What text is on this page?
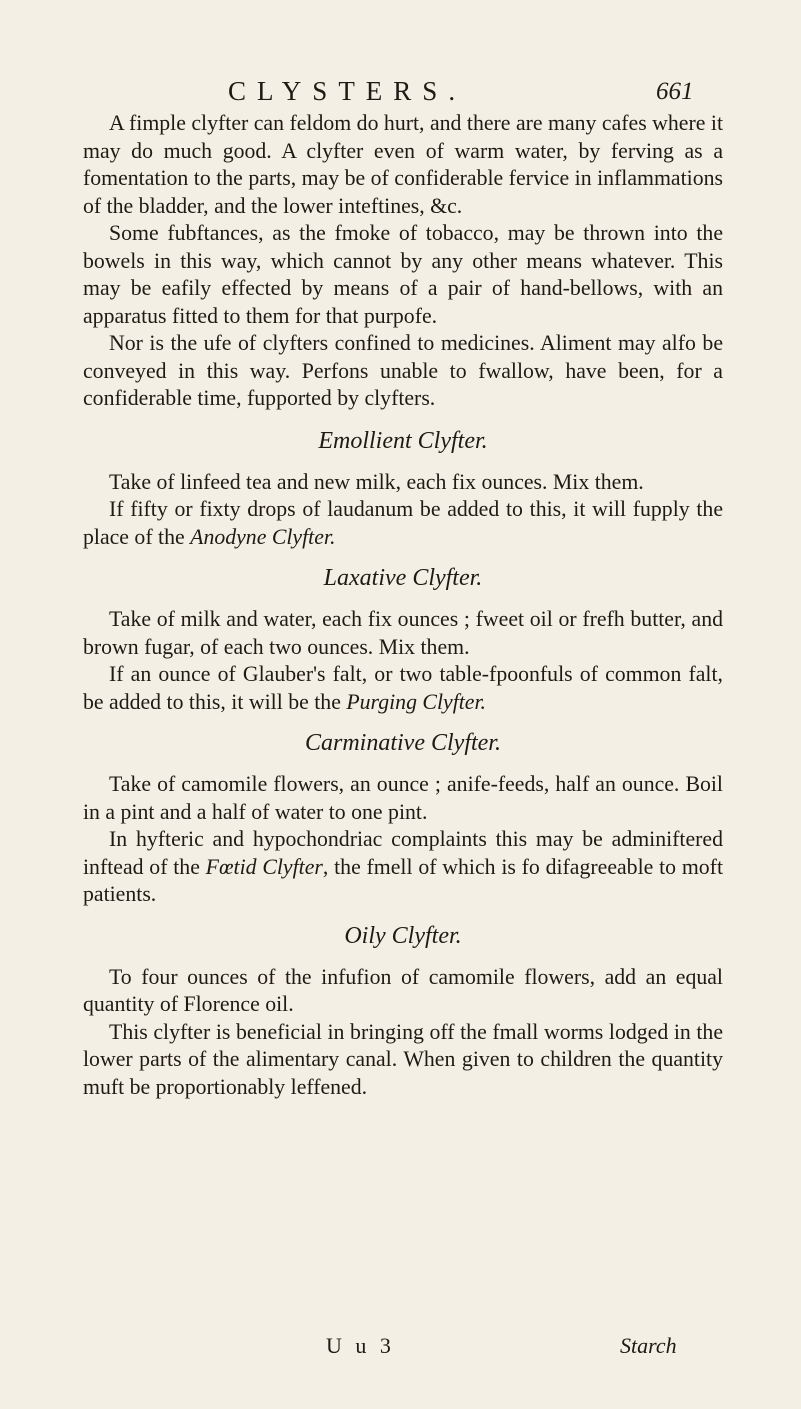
CLYSTERS.	661

A fimple clyfter can feldom do hurt, and there are many cafes where it may do much good. A clyfter even of warm water, by ferving as a fomentation to the parts, may be of confiderable fervice in inflammations of the bladder, and the lower inteftines, &c.

Some fubftances, as the fmoke of tobacco, may be thrown into the bowels in this way, which cannot by any other means whatever. This may be eafily effected by means of a pair of hand-bellows, with an apparatus fitted to them for that purpofe.

Nor is the ufe of clyfters confined to medicines. Aliment may alfo be conveyed in this way. Perfons unable to fwallow, have been, for a confiderable time, fupported by clyfters.

Emollient Clyfter.

Take of linfeed tea and new milk, each fix ounces. Mix them.

If fifty or fixty drops of laudanum be added to this, it will fupply the place of the Anodyne Clyfter.

Laxative Clyfter.

Take of milk and water, each fix ounces ; fweet oil or frefh butter, and brown fugar, of each two ounces. Mix them.

If an ounce of Glauber's falt, or two table-fpoonfuls of common falt, be added to this, it will be the Purging Clyfter.

Carminative Clyfter.

Take of camomile flowers, an ounce ; anife-feeds, half an ounce. Boil in a pint and a half of water to one pint.

In hyfteric and hypochondriac complaints this may be adminiftered inftead of the Fœtid Clyfter, the fmell of which is fo difagreeable to moft patients.

Oily Clyfter.

To four ounces of the infufion of camomile flowers, add an equal quantity of Florence oil.

This clyfter is beneficial in bringing off the fmall worms lodged in the lower parts of the alimentary canal. When given to children the quantity muft be proportionably leffened.

U u 3	Starch
